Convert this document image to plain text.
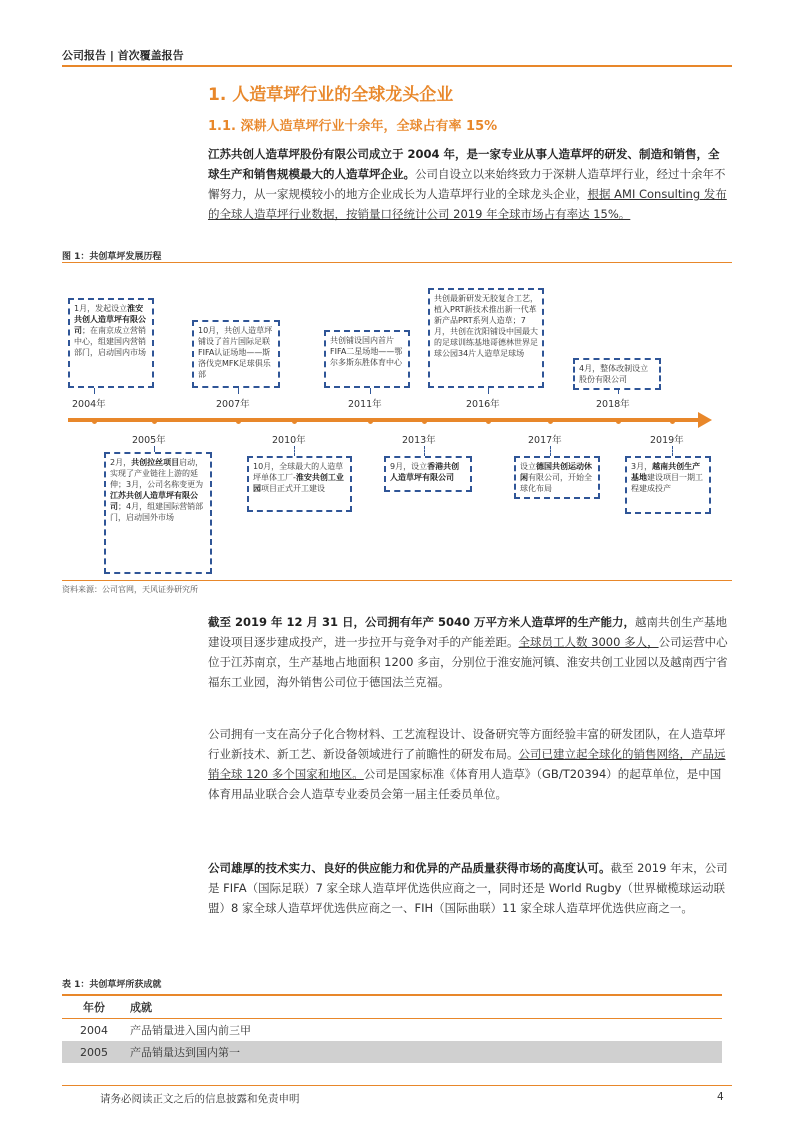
公司报告 | 首次覆盖报告
1. 人造草坪行业的全球龙头企业
1.1. 深耕人造草坪行业十余年，全球占有率 15%
江苏共创人造草坪股份有限公司成立于 2004 年，是一家专业从事人造草坪的研发、制造和销售，全球生产和销售规模最大的人造草坪企业。公司自设立以来始终致力于深耕人造草坪行业，经过十余年不懈努力，从一家规模较小的地方企业成长为人造草坪行业的全球龙头企业，根据 AMI Consulting 发布的全球人造草坪行业数据，按销量口径统计公司 2019 年全球市场占有率达 15%。
图 1：共创草坪发展历程
2004年
1月，发起设立淮安共创人造草坪有限公司；在南京成立营销中心，组建国内营销部门，启动国内市场
2005年
2月，共创拉丝项目启动，实现了产业链往上游的延伸；3月，公司名称变更为江苏共创人造草坪有限公司；4月，组建国际营销部门，启动国外市场
2007年
10月，共创人造草坪铺设了首片国际足联FIFA认证场地——斯洛伐克MFK足球俱乐部
2010年
10月，全球最大的人造草坪单体工厂-淮安共创工业园项目正式开工建设
2011年
共创铺设国内首片FIFA二星场地——鄂尔多斯东胜体育中心
2013年
9月，设立香港共创人造草坪有限公司
2016年
共创最新研发无胶复合工艺，植入PRT新技术推出新一代革新产品PRT系列人造草；7月，共创在沈阳铺设中国最大的足球训练基地哥德林世界足球公园34片人造草足球场
2017年
设立德国共创运动休闲有限公司，开始全球化布局
2018年
4月，整体改制设立股份有限公司
2019年
3月，越南共创生产基地建设项目一期工程建成投产
资料来源：公司官网，天风证券研究所
截至 2019 年 12 月 31 日，公司拥有年产 5040 万平方米人造草坪的生产能力，越南共创生产基地建设项目逐步建成投产，进一步拉开与竞争对手的产能差距。全球员工人数 3000 多人，公司运营中心位于江苏南京，生产基地占地面积 1200 多亩，分别位于淮安施河镇、淮安共创工业园以及越南西宁省福东工业园，海外销售公司位于德国法兰克福。
公司拥有一支在高分子化合物材料、工艺流程设计、设备研究等方面经验丰富的研发团队，在人造草坪行业新技术、新工艺、新设备领域进行了前瞻性的研发布局。公司已建立起全球化的销售网络，产品远销全球 120 多个国家和地区。公司是国家标准《体育用人造草》（GB/T20394）的起草单位，是中国体育用品业联合会人造草专业委员会第一届主任委员单位。
公司雄厚的技术实力、良好的供应能力和优异的产品质量获得市场的高度认可。截至 2019 年末，公司是 FIFA（国际足联）7 家全球人造草坪优选供应商之一，同时还是 World Rugby（世界橄榄球运动联盟）8 家全球人造草坪优选供应商之一、FIH（国际曲联）11 家全球人造草坪优选供应商之一。
表 1：共创草坪所获成就
年份	成就
2004	产品销量进入国内前三甲
2005	产品销量达到国内第一
请务必阅读正文之后的信息披露和免责申明	4
